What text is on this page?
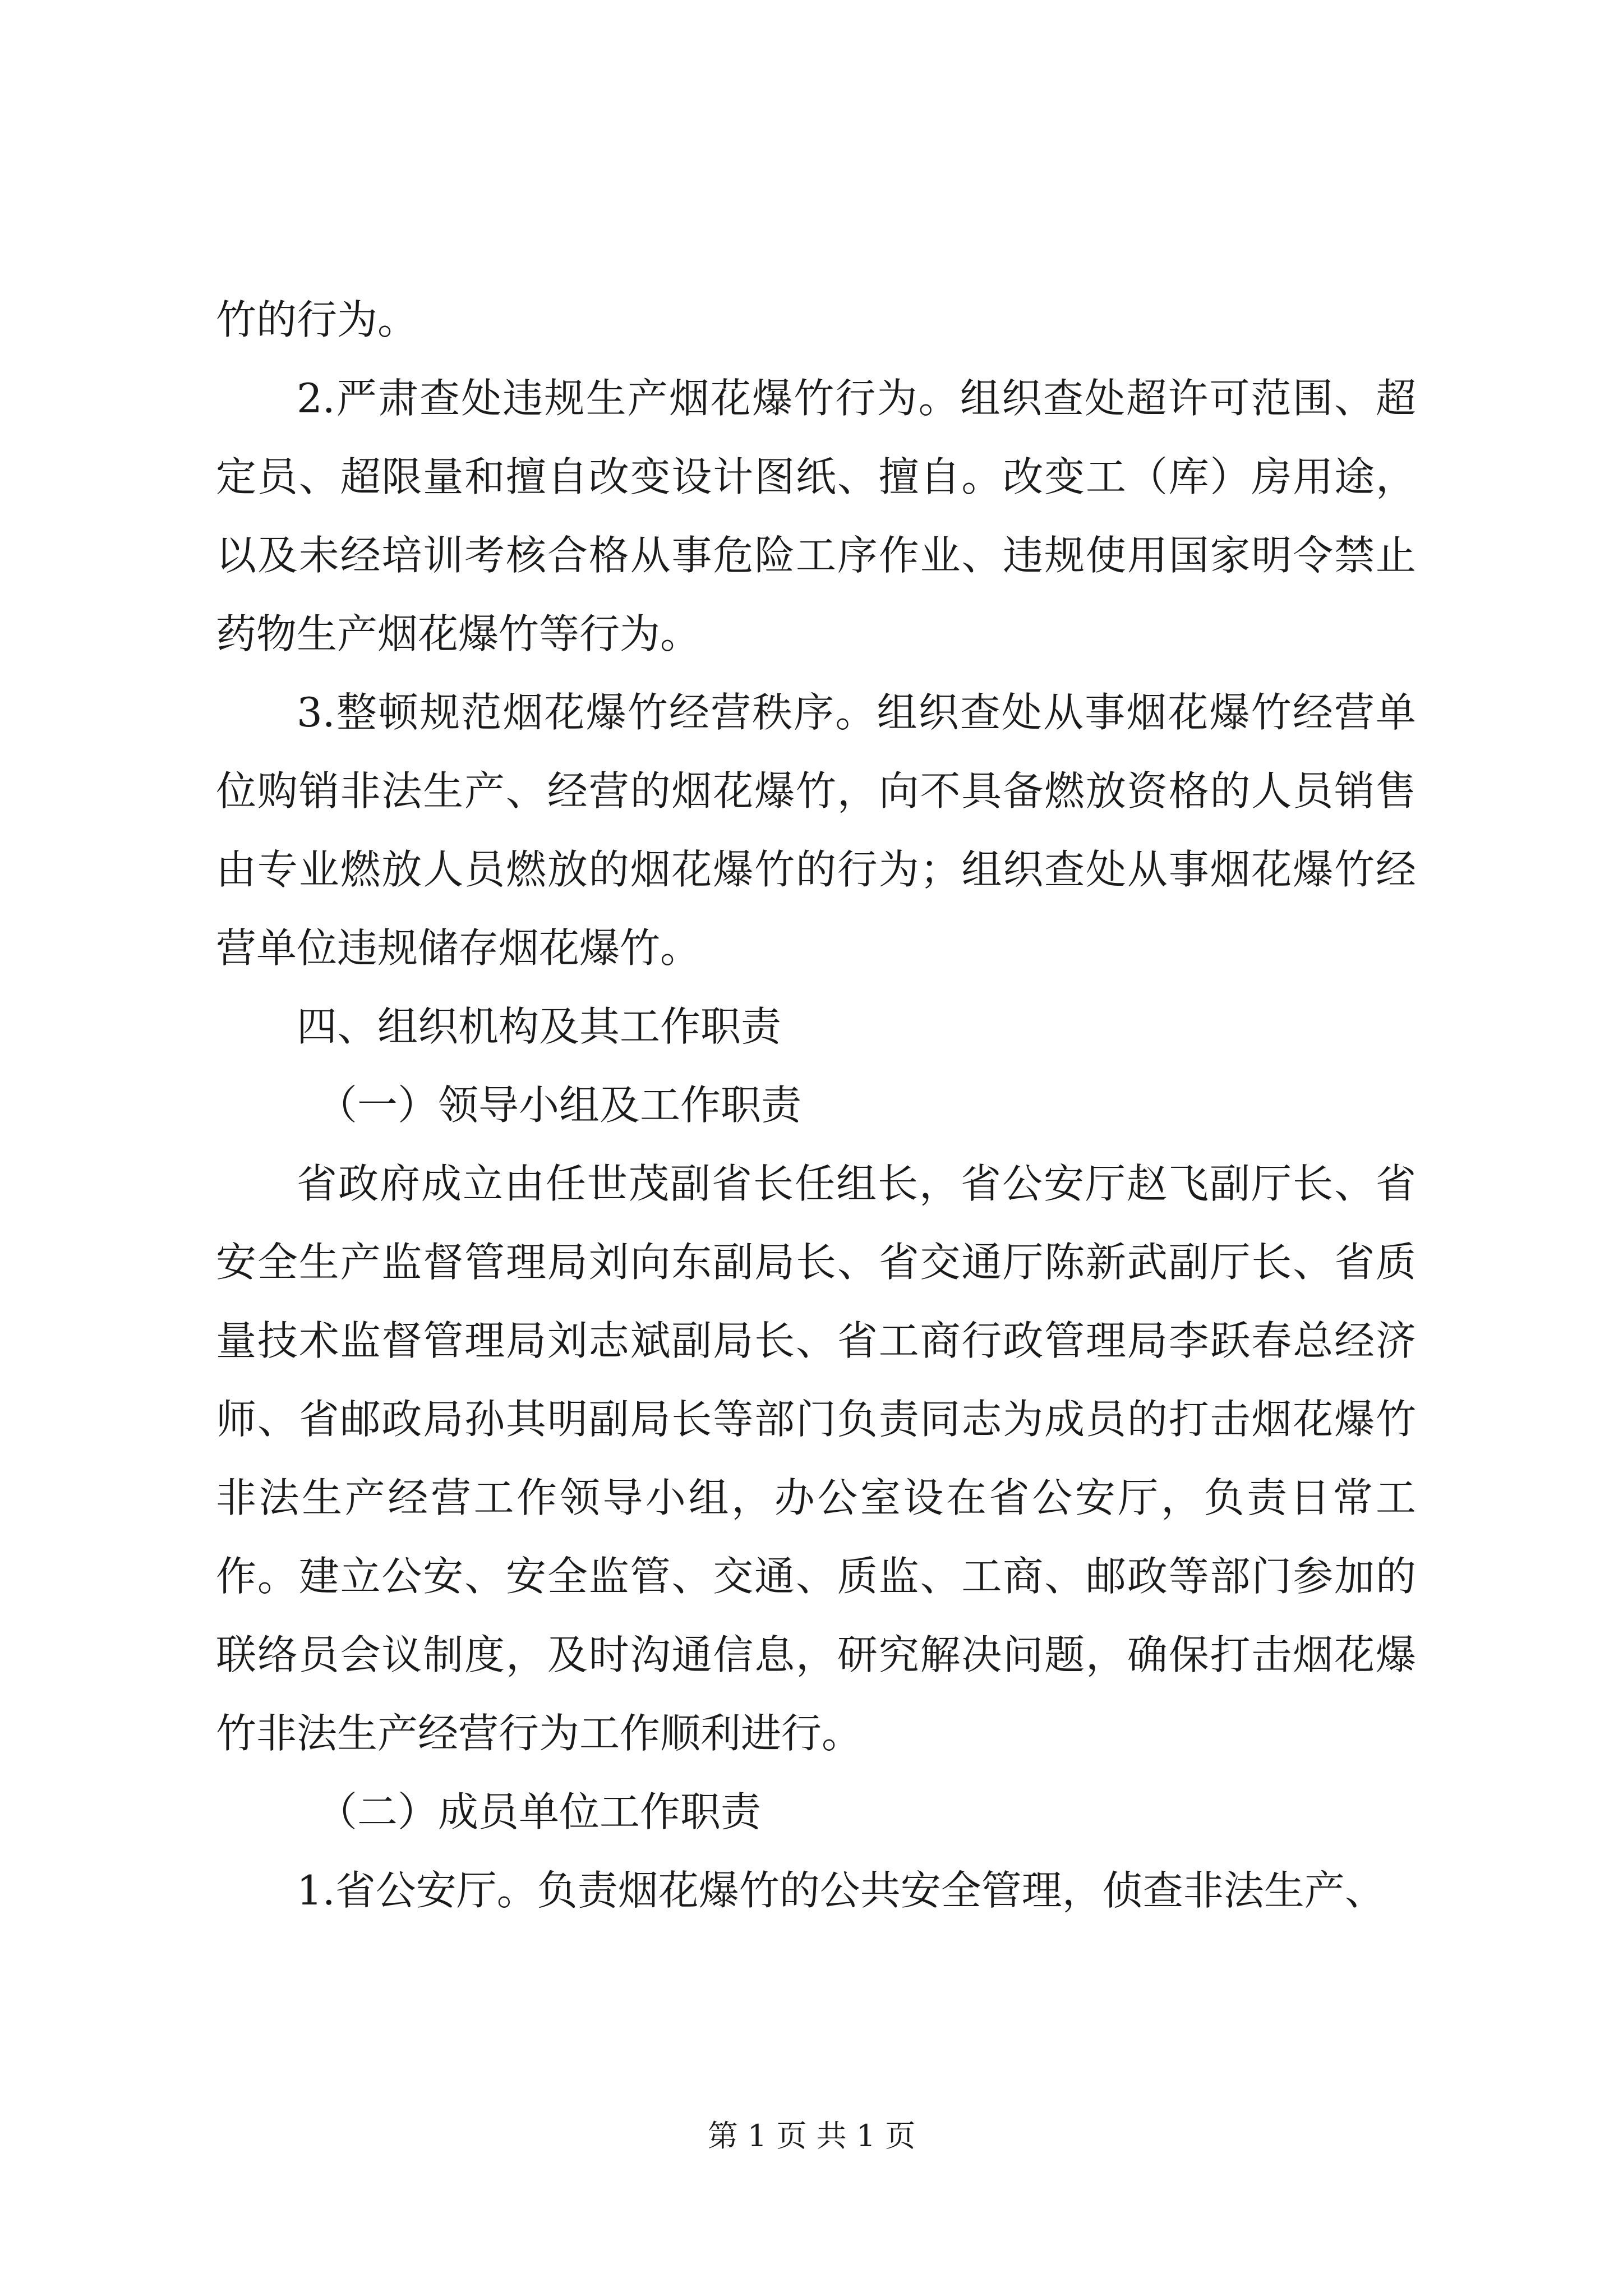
竹的行为。

2.严肃查处违规生产烟花爆竹行为。组织查处超许可范围、超定员、超限量和擅自改变设计图纸、擅自。改变工（库）房用途，以及未经培训考核合格从事危险工序作业、违规使用国家明令禁止药物生产烟花爆竹等行为。

3.整顿规范烟花爆竹经营秩序。组织查处从事烟花爆竹经营单位购销非法生产、经营的烟花爆竹，向不具备燃放资格的人员销售由专业燃放人员燃放的烟花爆竹的行为；组织查处从事烟花爆竹经营单位违规储存烟花爆竹。

四、组织机构及其工作职责

（一）领导小组及工作职责

省政府成立由任世茂副省长任组长，省公安厅赵飞副厅长、省安全生产监督管理局刘向东副局长、省交通厅陈新武副厅长、省质量技术监督管理局刘志斌副局长、省工商行政管理局李跃春总经济师、省邮政局孙其明副局长等部门负责同志为成员的打击烟花爆竹非法生产经营工作领导小组，办公室设在省公安厅，负责日常工作。建立公安、安全监管、交通、质监、工商、邮政等部门参加的联络员会议制度，及时沟通信息，研究解决问题，确保打击烟花爆竹非法生产经营行为工作顺利进行。

（二）成员单位工作职责

1.省公安厅。负责烟花爆竹的公共安全管理，侦查非法生产、

第 1 页 共 1 页
